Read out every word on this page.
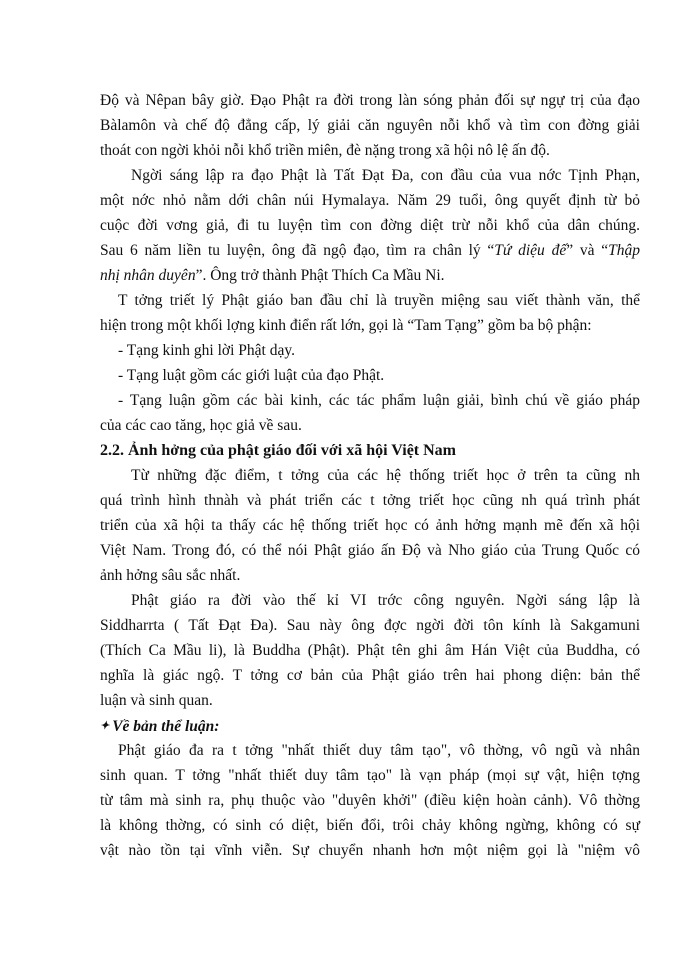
Độ và Nêpan bây giờ. Đạo Phật ra đời trong làn sóng phản đối sự ngự trị của đạo
Bàlamôn và chế độ đẳng cấp, lý giải căn nguyên nỗi khổ và tìm con đờng giải
thoát con ngời khỏi nỗi khổ triền miên, đè nặng trong xã hội nô lệ ấn độ.
Ngời sáng lập ra đạo Phật là Tất Đạt Đa, con đầu của vua nớc Tịnh Phạn,
một nớc nhỏ nằm dới chân núi Hymalaya. Năm 29 tuổi, ông quyết định từ bỏ
cuộc đời vơng giả, đi tu luyện tìm con đờng diệt trừ nỗi khổ của dân chúng.
Sau 6 năm liền tu luyện, ông đã ngộ đạo, tìm ra chân lý “Tứ diệu đế” và “Thập
nhị nhân duyên”. Ông trở thành Phật Thích Ca Mầu Ni.
T tởng triết lý Phật giáo ban đầu chỉ là truyền miệng sau viết thành văn, thể
hiện trong một khối lợng kinh điển rất lớn, gọi là “Tam Tạng” gồm ba bộ phận:
- Tạng kinh ghi lời Phật dạy.
- Tạng luật gồm các giới luật của đạo Phật.
- Tạng luận gồm các bài kinh, các tác phẩm luận giải, bình chú về giáo pháp
của các cao tăng, học giả về sau.
2.2. Ảnh hởng của phật giáo đối với xã hội Việt Nam
Từ những đặc điểm, t tởng của các hệ thống triết học ở trên ta cũng nh
quá trình hình thnàh và phát triển các t tởng triết học cũng nh quá trình phát
triển của xã hội ta thấy các hệ thống triết học có ảnh hởng mạnh mẽ đến xã hội
Việt Nam. Trong đó, có thể nói Phật giáo ấn Độ và Nho giáo của Trung Quốc có
ảnh hởng sâu sắc nhất.
Phật giáo ra đời vào thế kỉ VI trớc công nguyên. Ngời sáng lập là
Siddharrta ( Tất Đạt Đa). Sau này ông đợc ngời đời tôn kính là Sakgamuni
(Thích Ca Mầu li), là Buddha (Phật). Phật tên ghi âm Hán Việt của Buddha, có
nghĩa là giác ngộ. T tởng cơ bản của Phật giáo trên hai phong diện: bản thể
luận và sinh quan.
✦ Về bản thể luận:
Phật giáo đa ra t tởng "nhất thiết duy tâm tạo", vô thờng, vô ngũ và nhân
sinh quan. T tởng "nhất thiết duy tâm tạo" là vạn pháp (mọi sự vật, hiện tợng
từ tâm mà sinh ra, phụ thuộc vào "duyên khởi" (điều kiện hoàn cảnh). Vô thờng
là không thờng, có sinh có diệt, biến đổi, trôi chảy không ngừng, không có sự
vật nào tồn tại vĩnh viễn. Sự chuyển nhanh hơn một niệm gọi là "niệm vô
